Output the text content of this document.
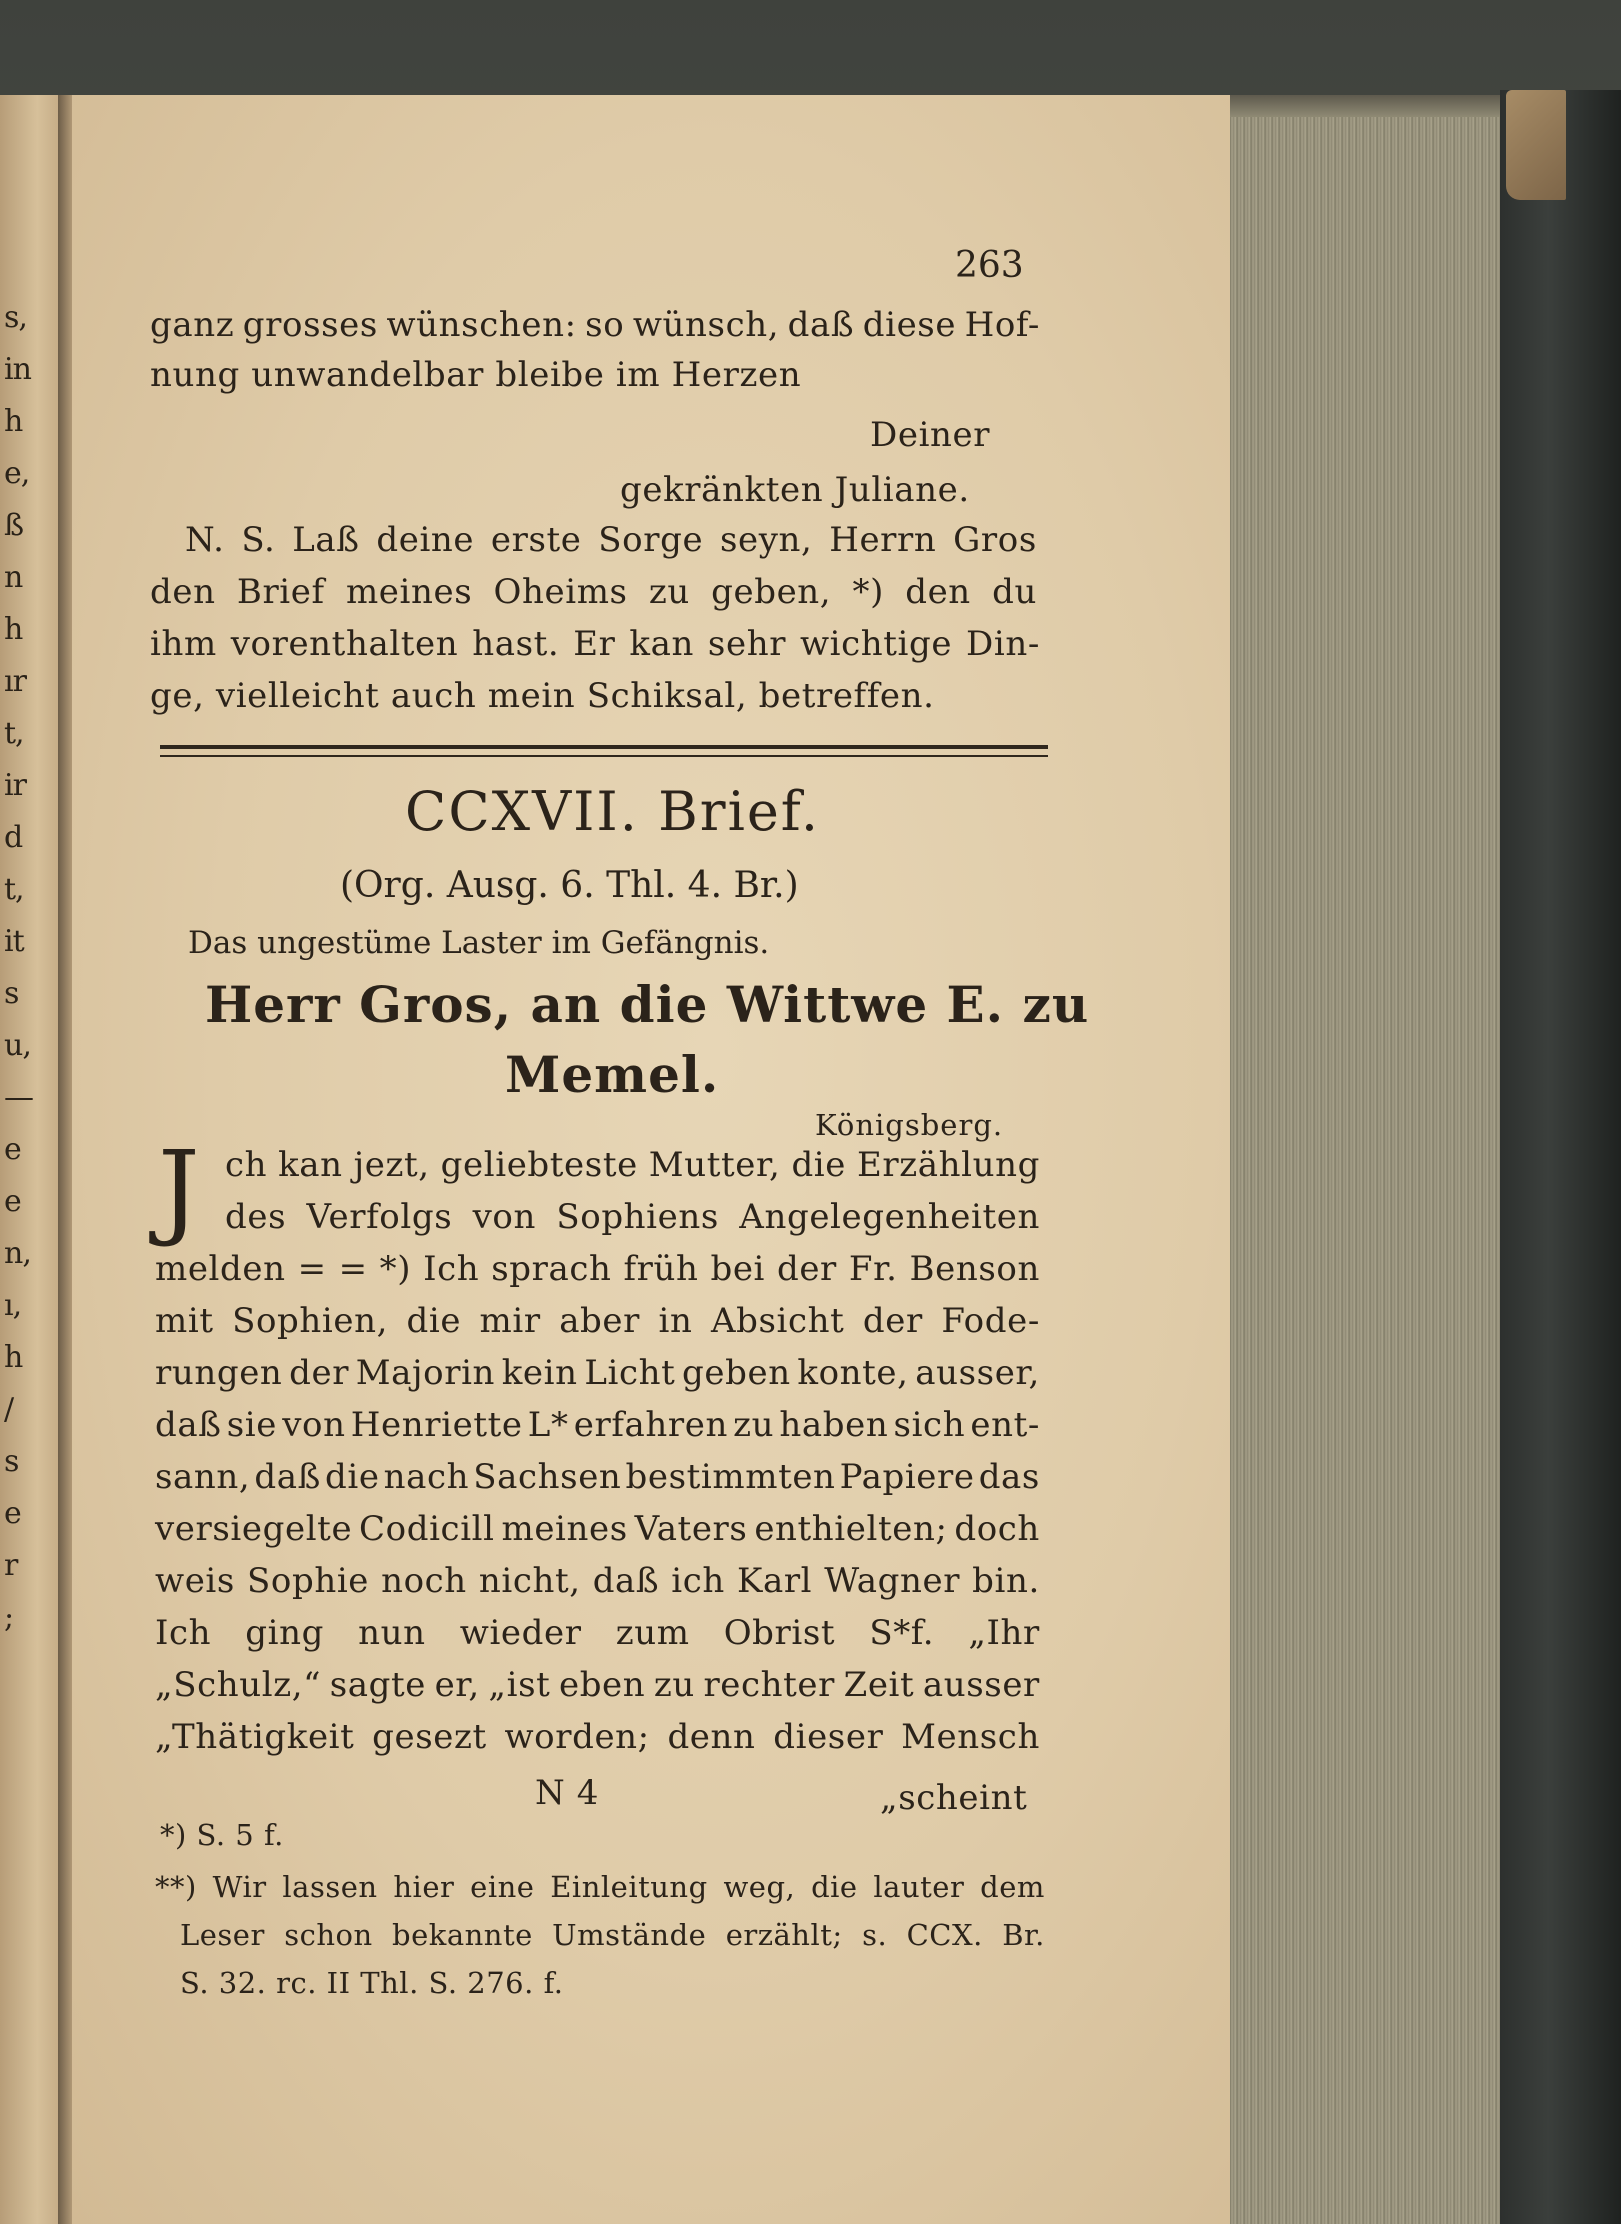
s,
in
h
e,
ß
n
h
ır
t,
ir
d
t,
it
s
u,
—
e
e
n,
ı,
h
/
s
e
r
;
263
ganz grosses wünschen: so wünsch, daß diese Hof-
nung unwandelbar bleibe im Herzen
Deiner
gekränkten Juliane.
N. S. Laß deine erste Sorge seyn, Herrn Gros
den Brief meines Oheims zu geben, *) den du
ihm vorenthalten hast. Er kan sehr wichtige Din-
ge, vielleicht auch mein Schiksal, betreffen.
CCXVII. Brief.
(Org. Ausg. 6. Thl. 4. Br.)
Das ungestüme Laster im Gefängnis.
Herr Gros, an die Wittwe E. zu
Memel.
Königsberg.
J ch kan jezt, geliebteste Mutter, die Erzählung
des Verfolgs von Sophiens Angelegenheiten
melden = = *) Ich sprach früh bei der Fr. Benson
mit Sophien, die mir aber in Absicht der Fode-
rungen der Majorin kein Licht geben konte, ausser,
daß sie von Henriette L* erfahren zu haben sich ent-
sann, daß die nach Sachsen bestimmten Papiere das
versiegelte Codicill meines Vaters enthielten; doch
weis Sophie noch nicht, daß ich Karl Wagner bin.
Ich ging nun wieder zum Obrist S*f. „Ihr
„Schulz,“ sagte er, „ist eben zu rechter Zeit ausser
„Thätigkeit gesezt worden; denn dieser Mensch
N 4	„scheint
*) S. 5 f.
**) Wir lassen hier eine Einleitung weg, die lauter dem
Leser schon bekannte Umstände erzählt; s. CCX. Br.
S. 32. rc. II Thl. S. 276. f.
